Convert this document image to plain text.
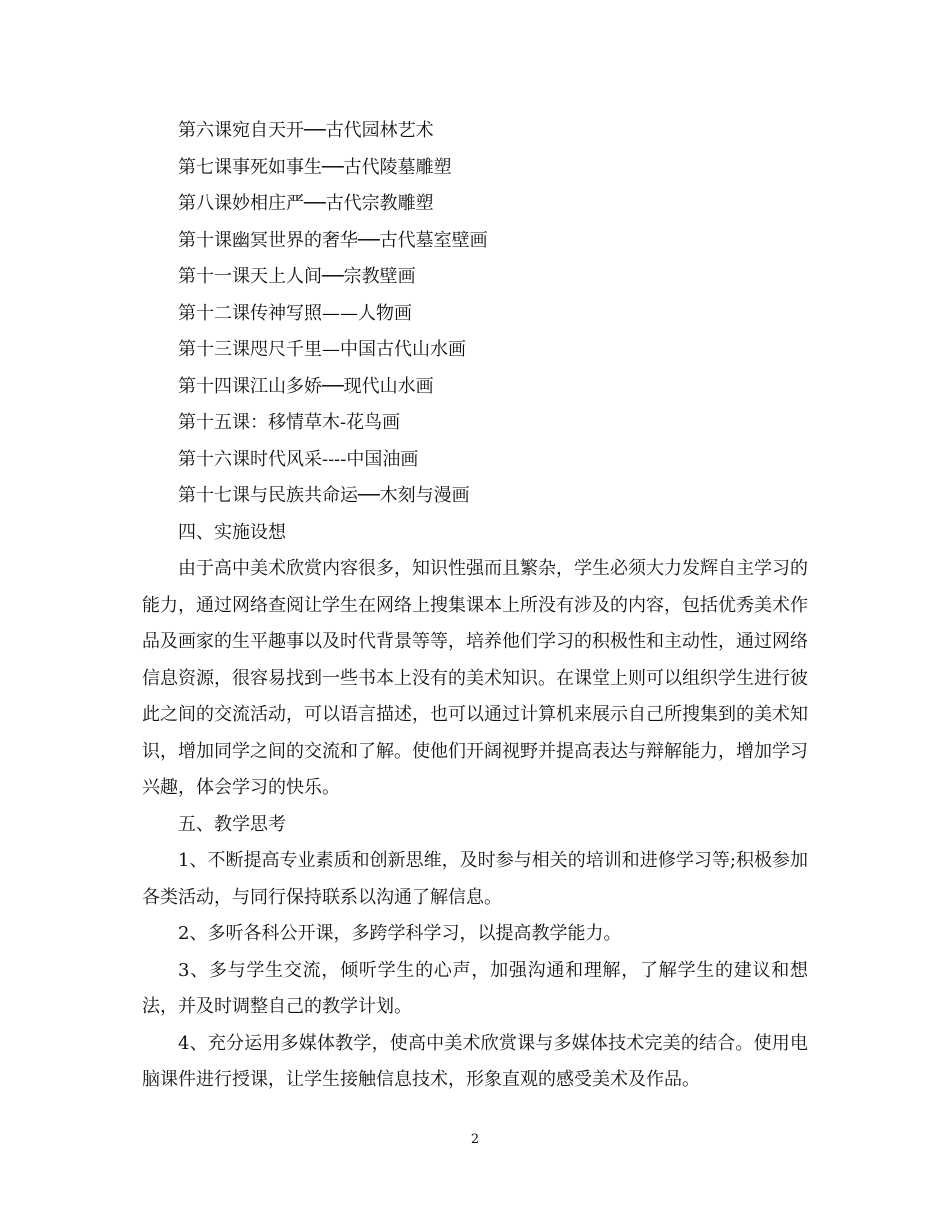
第六课宛自天开──古代园林艺术

第七课事死如事生──古代陵墓雕塑

第八课妙相庄严──古代宗教雕塑

第十课幽冥世界的奢华──古代墓室壁画

第十一课天上人间──宗教壁画

第十二课传神写照——人物画

第十三课咫尺千里—中国古代山水画

第十四课江山多娇──现代山水画

第十五课：移情草木-花鸟画

第十六课时代风采----中国油画

第十七课与民族共命运──木刻与漫画

四、实施设想

由于高中美术欣赏内容很多，知识性强而且繁杂，学生必须大力发辉自主学习的能力，通过网络查阅让学生在网络上搜集课本上所没有涉及的内容，包括优秀美术作品及画家的生平趣事以及时代背景等等，培养他们学习的积极性和主动性，通过网络信息资源，很容易找到一些书本上没有的美术知识。在课堂上则可以组织学生进行彼此之间的交流活动，可以语言描述，也可以通过计算机来展示自己所搜集到的美术知识，增加同学之间的交流和了解。使他们开阔视野并提高表达与辩解能力，增加学习兴趣，体会学习的快乐。

五、教学思考

1、不断提高专业素质和创新思维，及时参与相关的培训和进修学习等;积极参加各类活动，与同行保持联系以沟通了解信息。

2、多听各科公开课，多跨学科学习，以提高教学能力。

3、多与学生交流，倾听学生的心声，加强沟通和理解，了解学生的建议和想法，并及时调整自己的教学计划。

4、充分运用多媒体教学，使高中美术欣赏课与多媒体技术完美的结合。使用电脑课件进行授课，让学生接触信息技术，形象直观的感受美术及作品。

2
